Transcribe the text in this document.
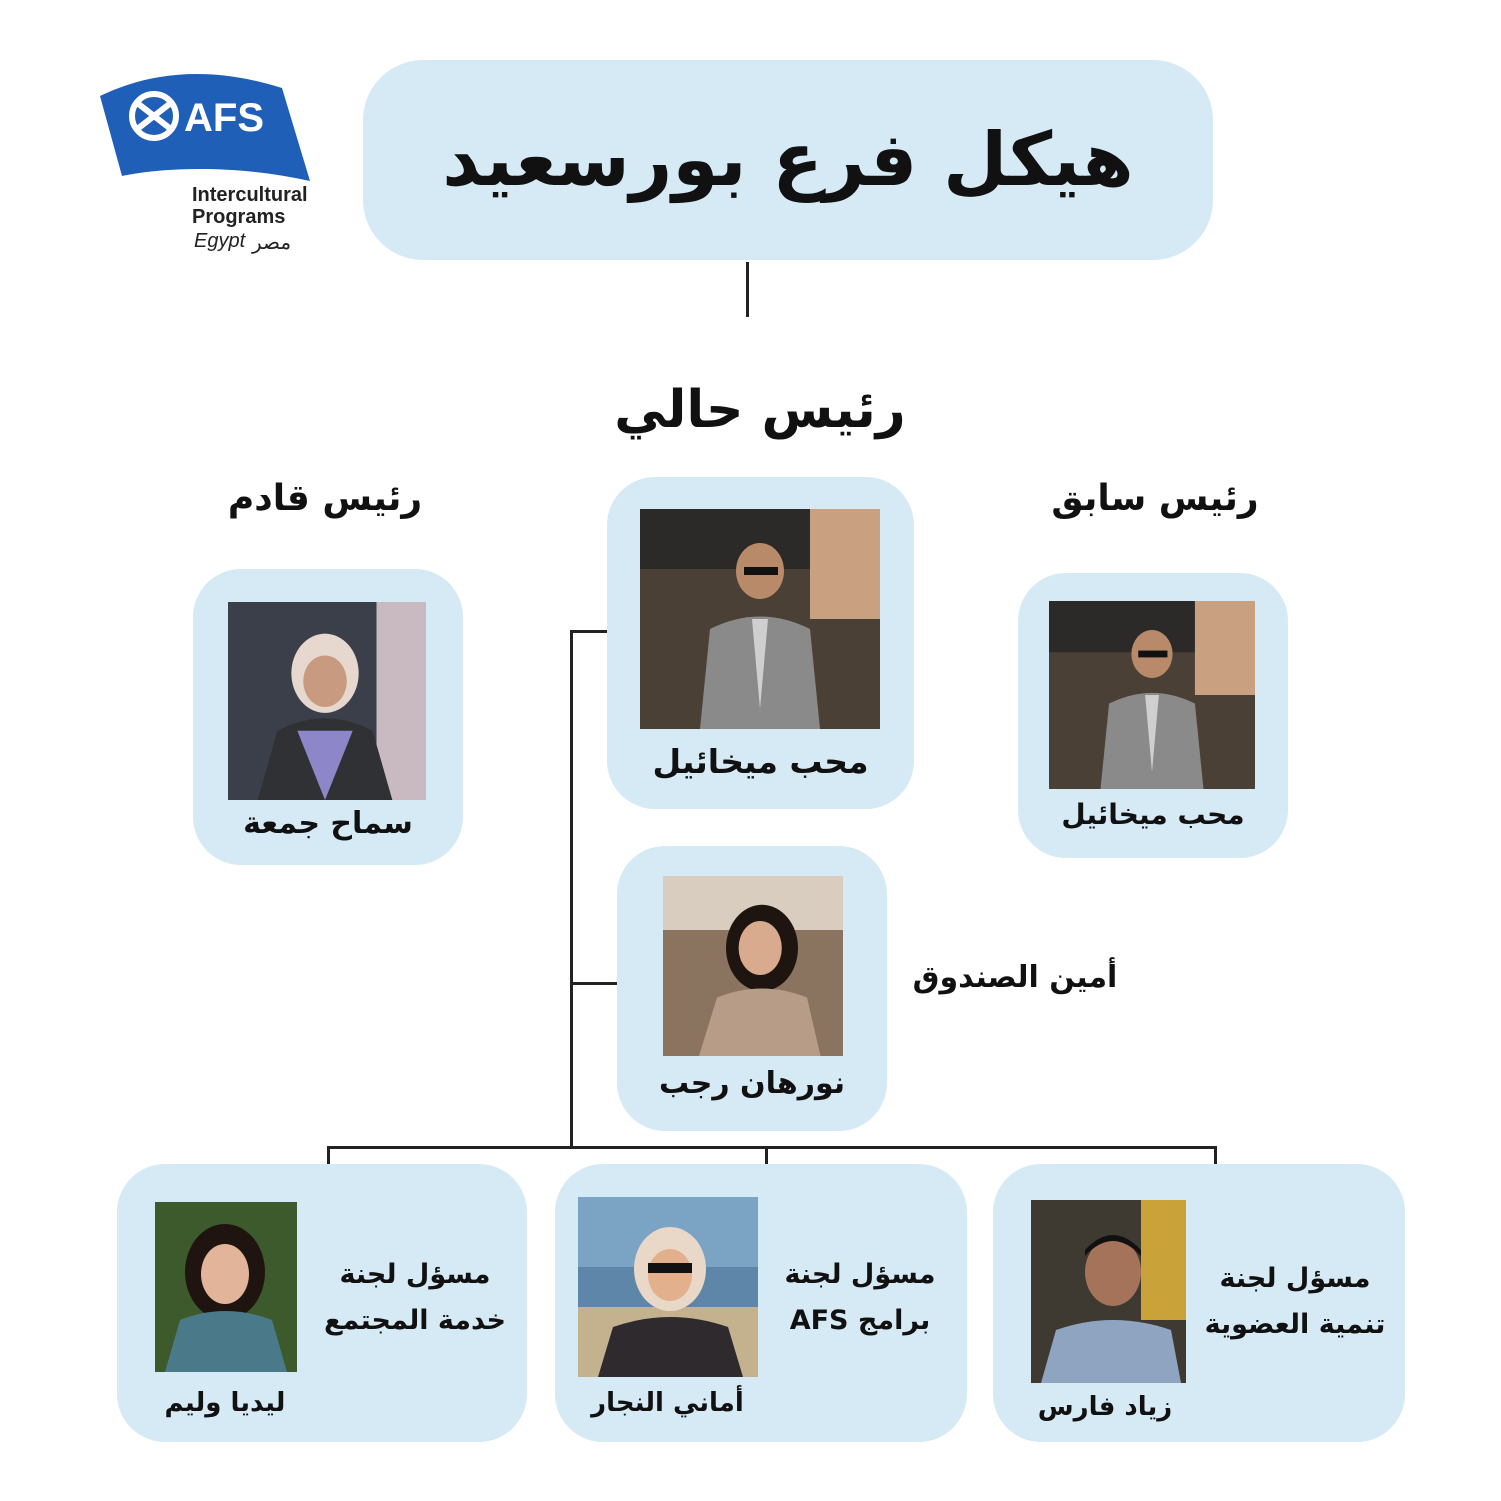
AFS
Intercultural
Programs
Egypt مصر
هيكل فرع بورسعيد
رئيس حالي
محب ميخائيل
رئيس سابق
محب ميخائيل
رئيس قادم
سماح جمعة
نورهان رجب
أمين الصندوق
مسؤل لجنة
خدمة المجتمع
ليديا وليم
مسؤل لجنة
برامج AFS
أماني النجار
مسؤل لجنة
تنمية العضوية
زياد فارس
